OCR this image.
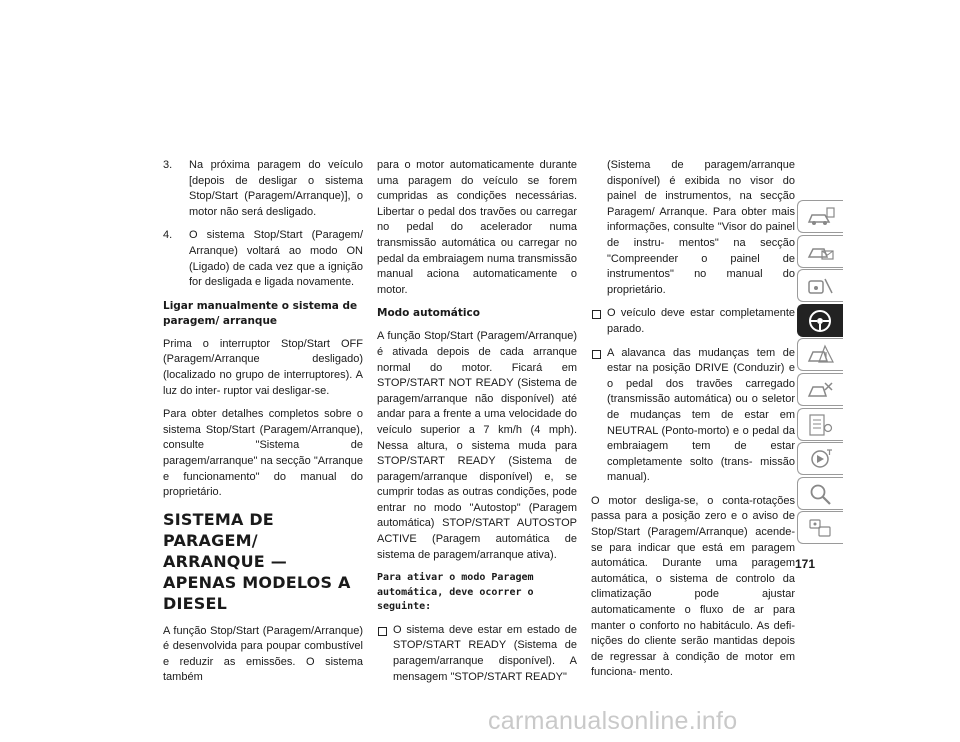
3.	Na próxima paragem do veículo [depois de desligar o sistema Stop/Start (Paragem/Arranque)], o motor não será desligado.
4.	O sistema Stop/Start (Paragem/ Arranque) voltará ao modo ON (Ligado) de cada vez que a ignição for desligada e ligada novamente.
Ligar manualmente o sistema de paragem/ arranque

Prima o interruptor Stop/Start OFF (Paragem/Arranque desligado) (localizado no grupo de interruptores). A luz do inter- ruptor vai desligar-se.

Para obter detalhes completos sobre o sistema Stop/Start (Paragem/Arranque), consulte "Sistema de paragem/arranque" na secção "Arranque e funcionamento" do manual do proprietário.

SISTEMA DE PARAGEM/ ARRANQUE — APENAS MODELOS A DIESEL

A função Stop/Start (Paragem/Arranque) é desenvolvida para poupar combustível e reduzir as emissões. O sistema também

para o motor automaticamente durante uma paragem do veículo se forem cumpridas as condições necessárias. Libertar o pedal dos travões ou carregar no pedal do acelerador numa transmissão automática ou carregar no pedal da embraiagem numa transmissão manual aciona automaticamente o motor.

Modo automático

A função Stop/Start (Paragem/Arranque) é ativada depois de cada arranque normal do motor. Ficará em STOP/START NOT READY (Sistema de paragem/arranque não disponível) até andar para a frente a uma velocidade do veículo superior a 7 km/h (4 mph). Nessa altura, o sistema muda para STOP/START READY (Sistema de paragem/arranque disponível) e, se cumprir todas as outras condições, pode entrar no modo "Autostop" (Paragem automática) STOP/START AUTOSTOP ACTIVE (Paragem automática de sistema de paragem/arranque ativa).

Para ativar o modo Paragem automática, deve ocorrer o seguinte:
O sistema deve estar em estado de STOP/START READY (Sistema de paragem/arranque disponível). A mensagem "STOP/START READY"
(Sistema de paragem/arranque disponível) é exibida no visor do painel de instrumentos, na secção Paragem/ Arranque. Para obter mais informações, consulte "Visor do painel de instru- mentos" na secção "Compreender o painel de instrumentos" no manual do proprietário.
O veículo deve estar completamente parado.
A alavanca das mudanças tem de estar na posição DRIVE (Conduzir) e o pedal dos travões carregado (transmissão automática) ou o seletor de mudanças tem de estar em NEUTRAL (Ponto-morto) e o pedal da embraiagem tem de estar completamente solto (trans- missão manual).

O motor desliga-se, o conta-rotações passa para a posição zero e o aviso de Stop/Start (Paragem/Arranque) acende-se para indicar que está em paragem automática. Durante uma paragem automática, o sistema de controlo da climatização pode ajustar automaticamente o fluxo de ar para manter o conforto no habitáculo. As defi- nições do cliente serão mantidas depois de regressar à condição de motor em funciona- mento.

171
carmanualsonline.info
